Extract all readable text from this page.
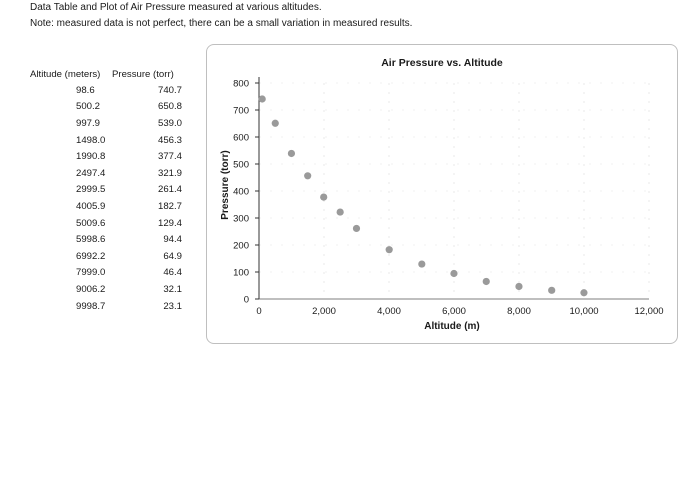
Data Table and Plot of Air Pressure measured at various altitudes.
Note: measured data is not perfect, there can be a small variation in measured results.
Altitude (meters)	Pressure (torr)
98.6	740.7
500.2	650.8
997.9	539.0
1498.0	456.3
1990.8	377.4
2497.4	321.9
2999.5	261.4
4005.9	182.7
5009.6	129.4
5998.6	94.4
6992.2	64.9
7999.0	46.4
9006.2	32.1
9998.7	23.1
Air Pressure vs. Altitude
0
100
200
300
400
500
600
700
800
0	2,000	4,000	6,000	8,000	10,000	12,000
Altitude (m)
Pressure (torr)
